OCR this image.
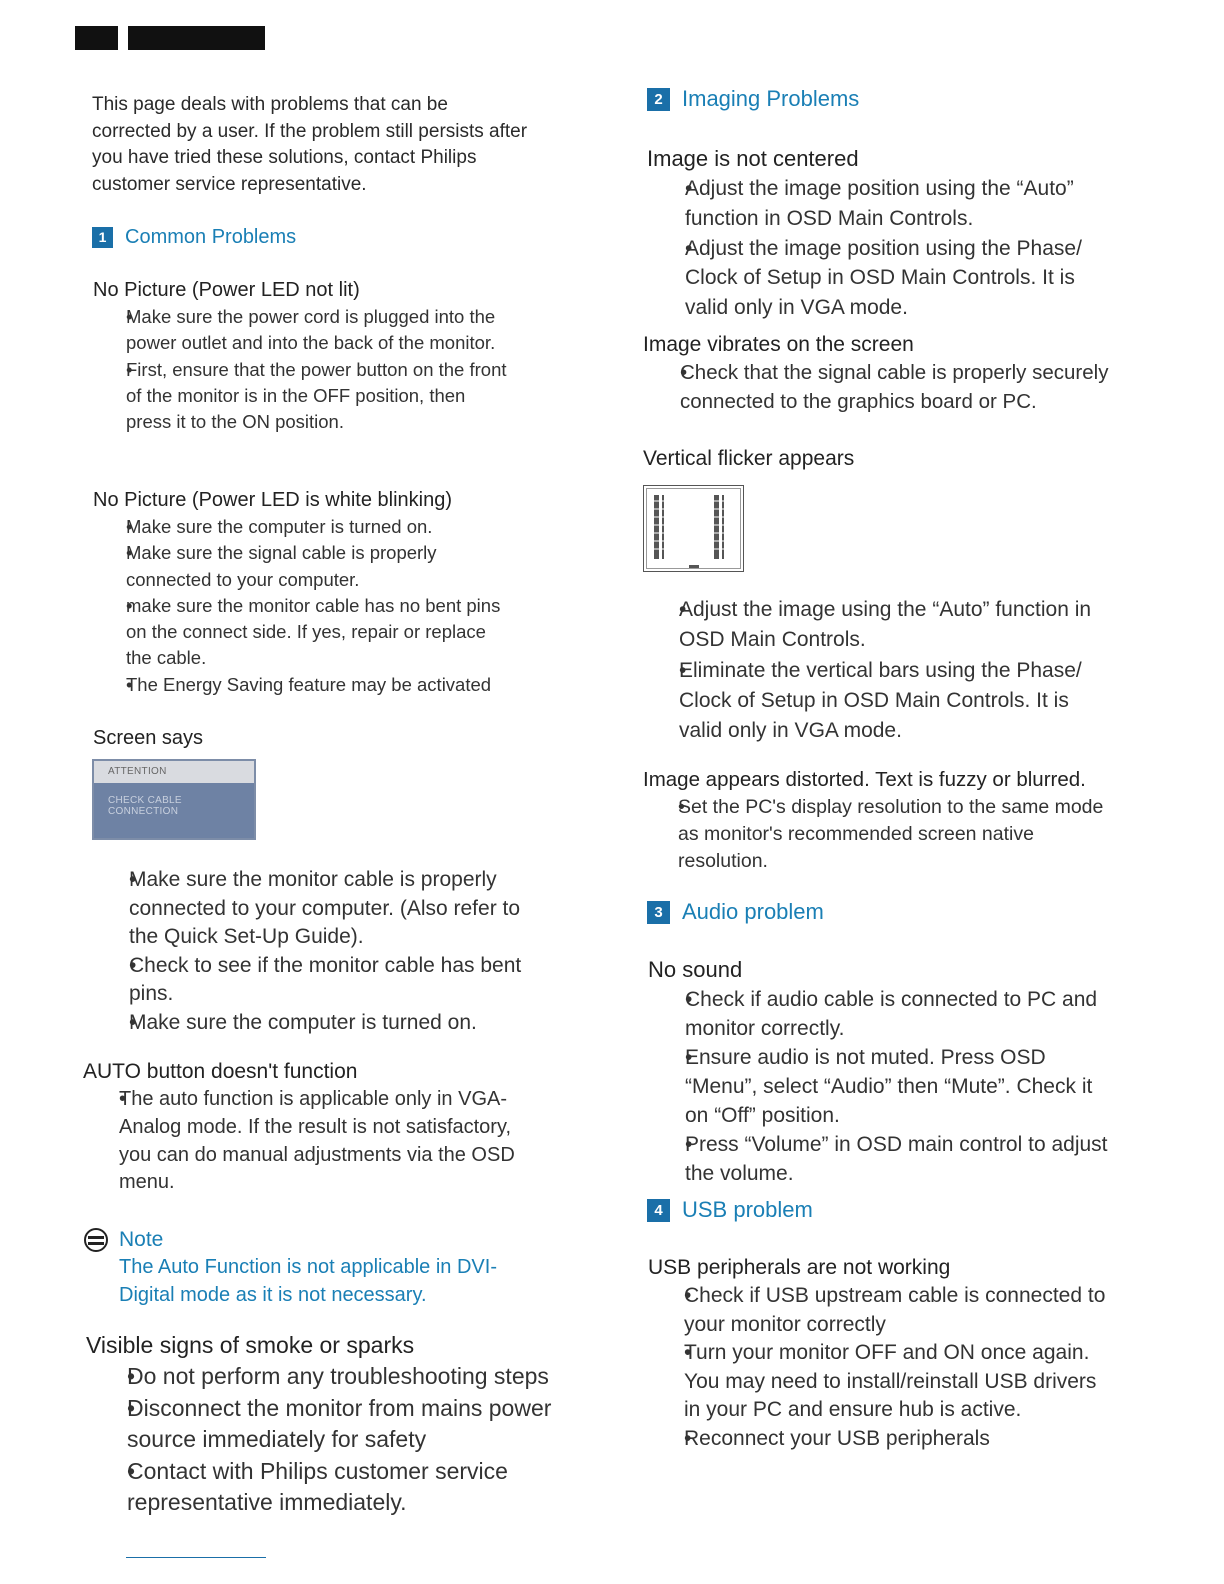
This page deals with problems that can be corrected by a user. If the problem still persists after you have tried these solutions, contact Philips customer service representative.

1 Common Problems
No Picture (Power LED not lit)
• Make sure the power cord is plugged into the power outlet and into the back of the monitor.
• First, ensure that the power button on the front of the monitor is in the OFF position, then press it to the ON position.
No Picture (Power LED is white blinking)
• Make sure the computer is turned on.
• Make sure the signal cable is properly connected to your computer.
• make sure the monitor cable has no bent pins on the connect side. If yes, repair or replace the cable.
• The Energy Saving feature may be activated
Screen says
ATTENTION
CHECK CABLE CONNECTION
• Make sure the monitor cable is properly connected to your computer. (Also refer to the Quick Set-Up Guide).
• Check to see if the monitor cable has bent pins.
• Make sure the computer is turned on.
AUTO button doesn't function
• The auto function is applicable only in VGA-Analog mode. If the result is not satisfactory, you can do manual adjustments via the OSD menu.
Note
The Auto Function is not applicable in DVI-Digital mode as it is not necessary.
Visible signs of smoke or sparks
• Do not perform any troubleshooting steps
• Disconnect the monitor from mains power source immediately for safety
• Contact with Philips customer service representative immediately.
2 Imaging Problems
Image is not centered
• Adjust the image position using the “Auto” function in OSD Main Controls.
• Adjust the image position using the Phase/ Clock of Setup in OSD Main Controls. It is valid only in VGA mode.
Image vibrates on the screen
• Check that the signal cable is properly securely connected to the graphics board or PC.
Vertical flicker appears
• Adjust the image using the “Auto” function in OSD Main Controls.
• Eliminate the vertical bars using the Phase/ Clock of Setup in OSD Main Controls. It is valid only in VGA mode.
Image appears distorted. Text is fuzzy or blurred.
• Set the PC's display resolution to the same mode as monitor's recommended screen native resolution.
3 Audio problem
No sound
• Check if audio cable is connected to PC and monitor correctly.
• Ensure audio is not muted. Press OSD “Menu”, select “Audio” then “Mute”. Check it on “Off” position.
• Press “Volume” in OSD main control to adjust the volume.
4 USB problem
USB peripherals are not working
• Check if USB upstream cable is connected to your monitor correctly
• Turn your monitor OFF and ON once again. You may need to install/reinstall USB drivers in your PC and ensure hub is active.
• Reconnect your USB peripherals
